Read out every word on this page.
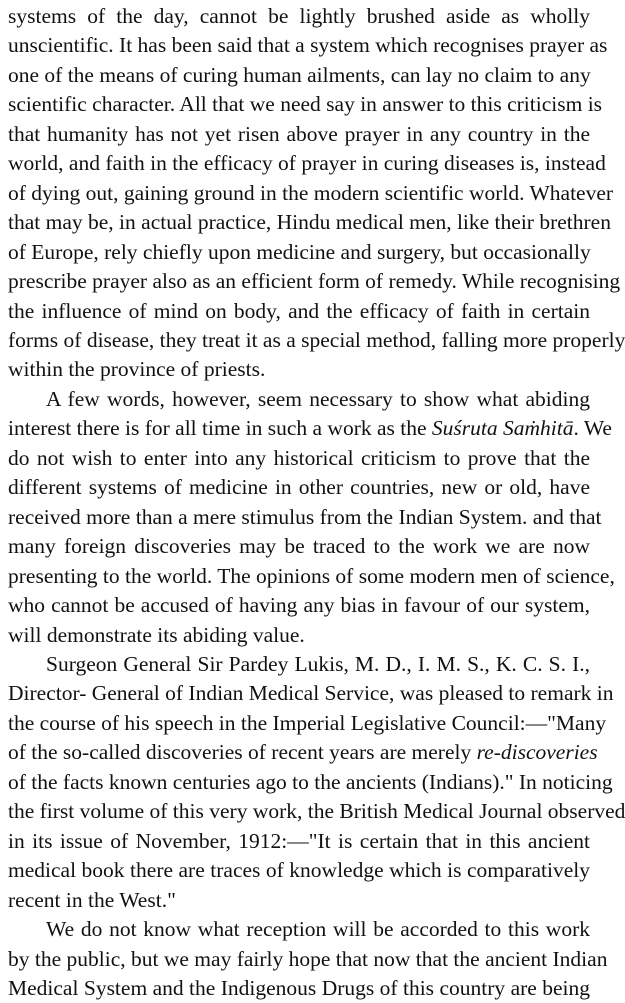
systems of the day, cannot be lightly brushed aside as wholly
unscientific. It has been said that a system which recognises prayer as
one of the means of curing human ailments, can lay no claim to any
scientific character. All that we need say in answer to this criticism is
that humanity has not yet risen above prayer in any country in the
world, and faith in the efficacy of prayer in curing diseases is, instead
of dying out, gaining ground in the modern scientific world. Whatever
that may be, in actual practice, Hindu medical men, like their brethren
of Europe, rely chiefly upon medicine and surgery, but occasionally
prescribe prayer also as an efficient form of remedy. While recognising
the influence of mind on body, and the efficacy of faith in certain
forms of disease, they treat it as a special method, falling more properly
within the province of priests.
A few words, however, seem necessary to show what abiding
interest there is for all time in such a work as the Suśruta Saṁhitā. We
do not wish to enter into any historical criticism to prove that the
different systems of medicine in other countries, new or old, have
received more than a mere stimulus from the Indian System. and that
many foreign discoveries may be traced to the work we are now
presenting to the world. The opinions of some modern men of science,
who cannot be accused of having any bias in favour of our system,
will demonstrate its abiding value.
Surgeon General Sir Pardey Lukis, M. D., I. M. S., K. C. S. I.,
Director- General of Indian Medical Service, was pleased to remark in
the course of his speech in the Imperial Legislative Council:—"Many
of the so-called discoveries of recent years are merely re-discoveries
of the facts known centuries ago to the ancients (Indians)." In noticing
the first volume of this very work, the British Medical Journal observed
in its issue of November, 1912:—"It is certain that in this ancient
medical book there are traces of knowledge which is comparatively
recent in the West."
We do not know what reception will be accorded to this work
by the public, but we may fairly hope that now that the ancient Indian
Medical System and the Indigenous Drugs of this country are being
